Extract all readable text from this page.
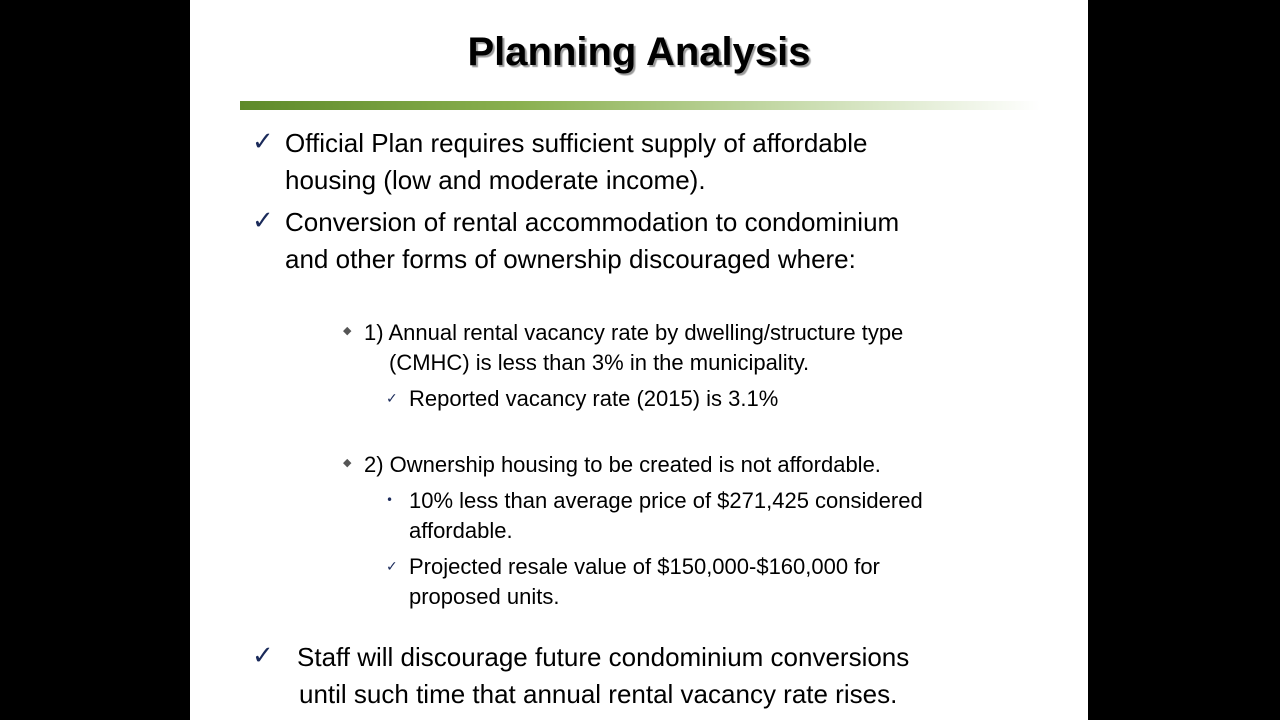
Planning Analysis
✓ Official Plan requires sufficient supply of affordable
housing (low and moderate income).
✓ Conversion of rental accommodation to condominium
and other forms of ownership discouraged where:
◆ 1) Annual rental vacancy rate by dwelling/structure type
(CMHC) is less than 3% in the municipality.
✓ Reported vacancy rate (2015) is 3.1%
◆ 2) Ownership housing to be created is not affordable.
• 10% less than average price of $271,425 considered
affordable.
✓ Projected resale value of $150,000-$160,000 for
proposed units.
✓ Staff will discourage future condominium conversions
until such time that annual rental vacancy rate rises.
